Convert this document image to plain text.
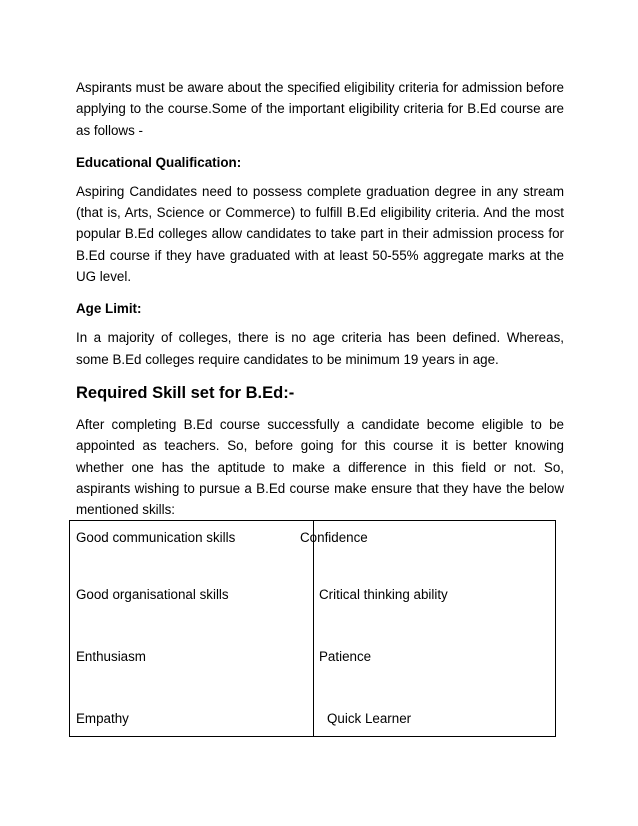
Aspirants must be aware about the specified eligibility criteria for admission before applying to the course.Some of the important eligibility criteria for B.Ed course are as follows -

Educational Qualification:

Aspiring Candidates need to possess complete graduation degree in any stream (that is, Arts, Science or Commerce) to fulfill B.Ed eligibility criteria. And the most popular B.Ed colleges allow candidates to take part in their admission process for B.Ed course if they have graduated with at least 50-55% aggregate marks at the UG level.

Age Limit:

In a majority of colleges, there is no age criteria has been defined. Whereas, some B.Ed colleges require candidates to be minimum 19 years in age.

Required Skill set for B.Ed:-

After completing B.Ed course successfully a candidate become eligible to be appointed as teachers. So, before going for this course it is better knowing whether one has the aptitude to make a difference in this field or not. So, aspirants wishing to pursue a B.Ed course make ensure that they have the below mentioned skills:

Good communication skills	Confidence
Good organisational skills	Critical thinking ability
Enthusiasm	Patience
Empathy	Quick Learner
